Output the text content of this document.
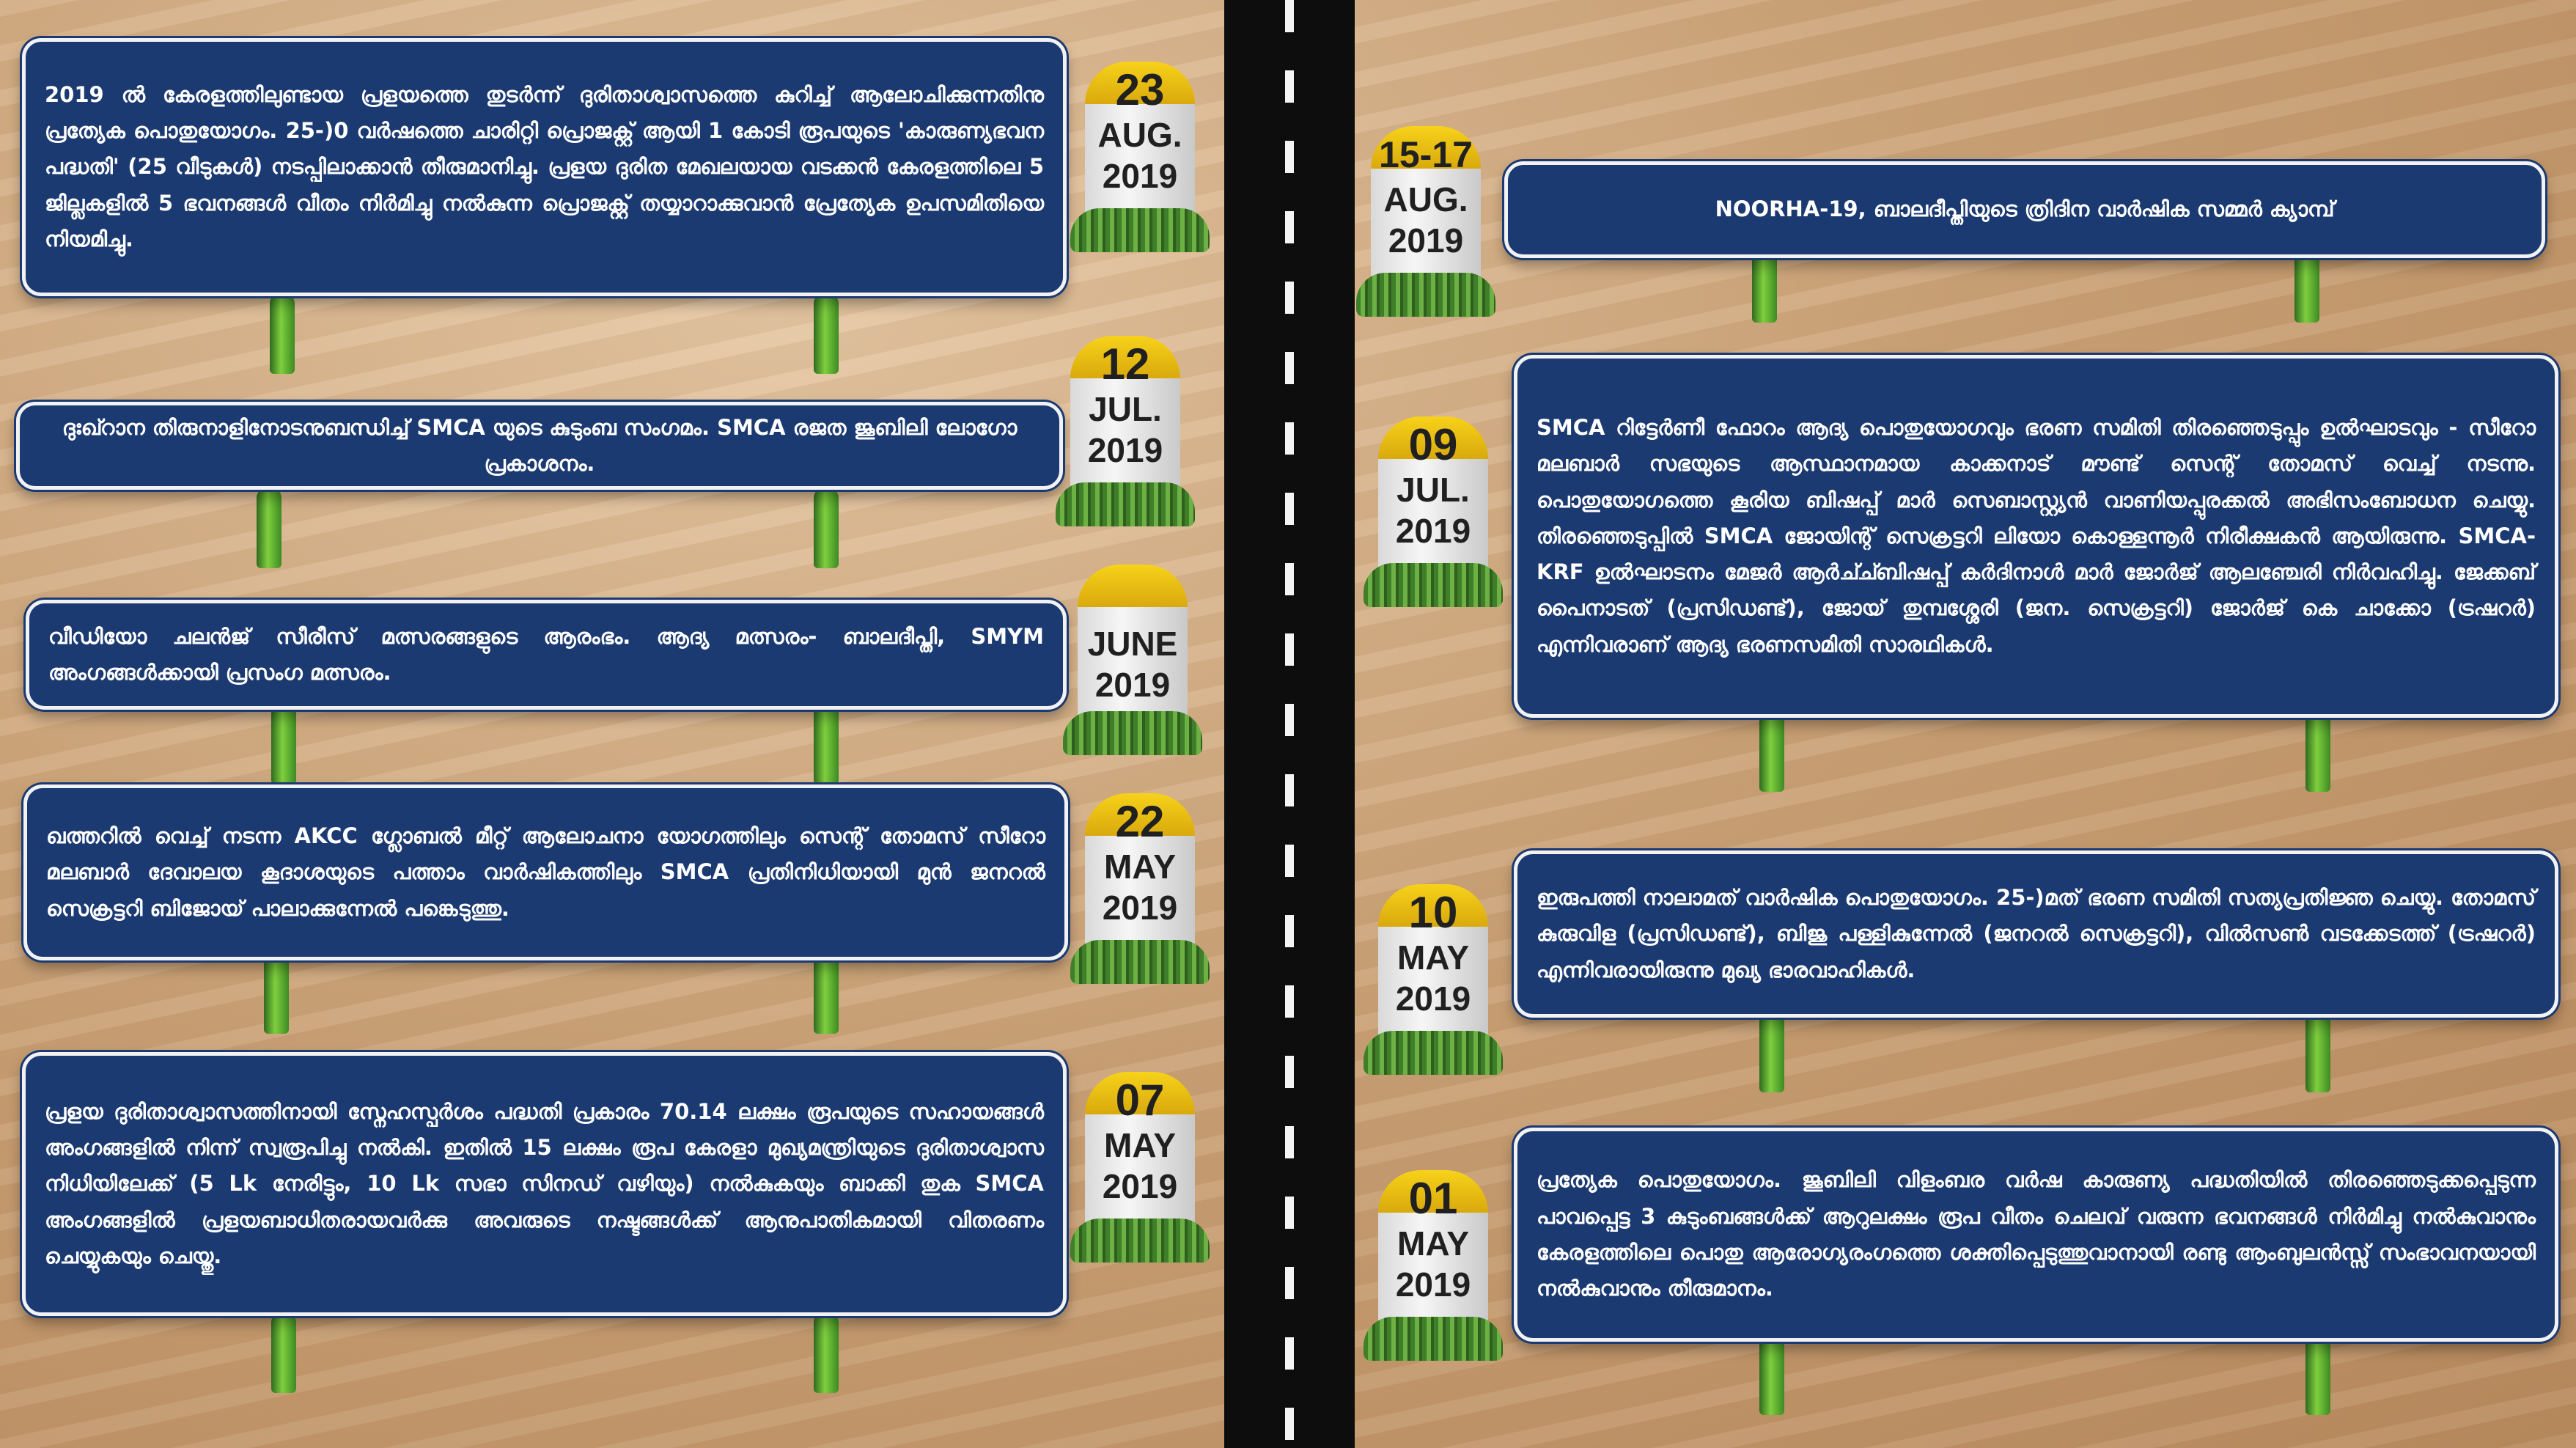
2019 ൽ കേരളത്തിലുണ്ടായ പ്രളയത്തെ തുടർന്ന് ദുരിതാശ്വാസത്തെ കുറിച്ച് ആലോചിക്കുന്നതിനു പ്രത്യേക പൊതുയോഗം. 25-)0 വർഷത്തെ ചാരിറ്റി പ്രൊജക്റ്റ് ആയി 1 കോടി രൂപയുടെ 'കാരുണ്യഭവന പദ്ധതി' (25 വീടുകൾ) നടപ്പിലാക്കാൻ തീരുമാനിച്ചു. പ്രളയ ദുരിത മേഖലയായ വടക്കൻ കേരളത്തിലെ 5 ജില്ലകളിൽ 5 ഭവനങ്ങൾ വീതം നിർമിച്ചു നൽകുന്ന പ്രൊജക്റ്റ് തയ്യാറാക്കുവാൻ പ്രേത്യേക ഉപസമിതിയെ നിയമിച്ചു.
23
AUG.
2019
ദുഃഖ്റാന തിരുനാളിനോടനുബന്ധിച്ച് SMCA യുടെ കുടുംബ സംഗമം. SMCA രജത ജൂബിലി ലോഗോ പ്രകാശനം.
12
JUL.
2019
വീഡിയോ ചലൻജ് സീരീസ് മത്സരങ്ങളുടെ ആരംഭം. ആദ്യ മത്സരം- ബാലദീപ്തി, SMYM അംഗങ്ങൾക്കായി പ്രസംഗ മത്സരം.
JUNE
2019
ഖത്തറിൽ വെച്ച് നടന്ന AKCC ഗ്ലോബൽ മീറ്റ് ആലോചനാ യോഗത്തിലും സെന്റ് തോമസ് സീറോ മലബാർ ദേവാലയ കൂദാശയുടെ പത്താം വാർഷികത്തിലും SMCA പ്രതിനിധിയായി മുൻ ജനറൽ സെക്രട്ടറി ബിജോയ് പാലാക്കുന്നേൽ പങ്കെടുത്തു.
22
MAY
2019
പ്രളയ ദുരിതാശ്വാസത്തിനായി സ്നേഹസ്പർശം പദ്ധതി പ്രകാരം 70.14 ലക്ഷം രൂപയുടെ സഹായങ്ങൾ അംഗങ്ങളിൽ നിന്ന് സ്വരൂപിച്ചു നൽകി. ഇതിൽ 15 ലക്ഷം രൂപ കേരളാ മുഖ്യമന്ത്രിയുടെ ദുരിതാശ്വാസ നിധിയിലേക്ക് (5 Lk നേരിട്ടും, 10 Lk സഭാ സിനഡ് വഴിയും) നൽകുകയും ബാക്കി തുക SMCA അംഗങ്ങളിൽ പ്രളയബാധിതരായവർക്കു അവരുടെ നഷ്ടങ്ങൾക്ക് ആനുപാതികമായി വിതരണം ചെയ്യുകയും ചെയ്തു.
07
MAY
2019
NOORHA-19, ബാലദീപ്തിയുടെ ത്രിദിന വാർഷിക സമ്മർ ക്യാമ്പ്
15-17
AUG.
2019
SMCA റിട്ടേർണീ ഫോറം ആദ്യ പൊതുയോഗവും ഭരണ സമിതി തിരഞ്ഞെടുപ്പും ഉൽഘാടവും - സീറോ മലബാർ സഭയുടെ ആസ്ഥാനമായ കാക്കനാട് മൗണ്ട് സെന്റ് തോമസ് വെച്ച് നടന്നു. പൊതുയോഗത്തെ കൂരിയ ബിഷപ്പ് മാർ സെബാസ്റ്റ്യൻ വാണിയപ്പുരക്കൽ അഭിസംബോധന ചെയ്യു. തിരഞ്ഞെടുപ്പിൽ SMCA ജോയിന്റ് സെക്രട്ടറി ലിയോ കൊള്ളന്നൂർ നിരീക്ഷകൻ ആയിരുന്നു. SMCA-KRF ഉൽഘാടനം മേജർ ആർച്ച്ബിഷപ്പ് കർദിനാൾ മാർ ജോർജ് ആലഞ്ചേരി നിർവഹിച്ചു. ജേക്കബ് പൈനാടത് (പ്രസിഡണ്ട്), ജോയ് തുമ്പശ്ശേരി (ജന. സെക്രട്ടറി) ജോർജ് കെ ചാക്കോ (ട്രഷറർ) എന്നിവരാണ് ആദ്യ ഭരണസമിതി സാരഥികൾ.
09
JUL.
2019
ഇരുപത്തി നാലാമത് വാർഷിക പൊതുയോഗം. 25-)മത് ഭരണ സമിതി സത്യപ്രതിജ്ഞ ചെയ്യു. തോമസ് കുരുവിള (പ്രസിഡണ്ട്), ബിജു പള്ളികുന്നേൽ (ജനറൽ സെക്രട്ടറി), വിൽസൺ വടക്കേടത്ത് (ട്രഷറർ) എന്നിവരായിരുന്നു മുഖ്യ ഭാരവാഹികൾ.
10
MAY
2019
പ്രത്യേക പൊതുയോഗം. ജൂബിലി വിളംബര വർഷ കാരുണ്യ പദ്ധതിയിൽ തിരഞ്ഞെടുക്കപ്പെടുന്ന പാവപ്പെട്ട 3 കുടുംബങ്ങൾക്ക് ആറുലക്ഷം രൂപ വീതം ചെലവ് വരുന്ന ഭവനങ്ങൾ നിർമിച്ചു നൽകുവാനും കേരളത്തിലെ പൊതു ആരോഗ്യരംഗത്തെ ശക്തിപ്പെടുത്തുവാനായി രണ്ടു ആംബുലൻസ്സ് സംഭാവനയായി നൽകുവാനും തീരുമാനം.
01
MAY
2019
